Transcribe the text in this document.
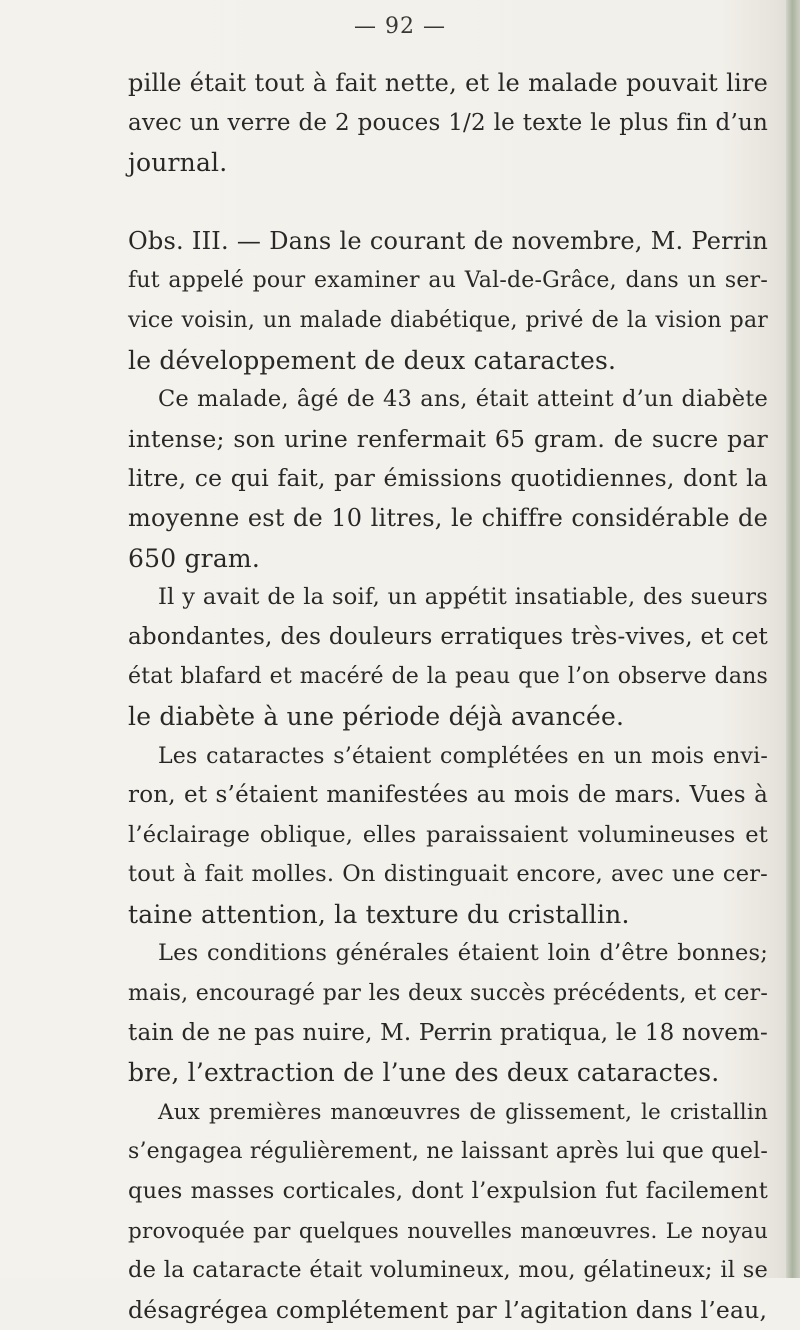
— 92 —
pille était tout à fait nette, et le malade pouvait lire
avec un verre de 2 pouces 1/2 le texte le plus fin d’un
journal.
Obs. III. — Dans le courant de novembre, M. Perrin
fut appelé pour examiner au Val-de-Grâce, dans un ser-
vice voisin, un malade diabétique, privé de la vision par
le développement de deux cataractes.
Ce malade, âgé de 43 ans, était atteint d’un diabète
intense; son urine renfermait 65 gram. de sucre par
litre, ce qui fait, par émissions quotidiennes, dont la
moyenne est de 10 litres, le chiffre considérable de
650 gram.
Il y avait de la soif, un appétit insatiable, des sueurs
abondantes, des douleurs erratiques très-vives, et cet
état blafard et macéré de la peau que l’on observe dans
le diabète à une période déjà avancée.
Les cataractes s’étaient complétées en un mois envi-
ron, et s’étaient manifestées au mois de mars. Vues à
l’éclairage oblique, elles paraissaient volumineuses et
tout à fait molles. On distinguait encore, avec une cer-
taine attention, la texture du cristallin.
Les conditions générales étaient loin d’être bonnes;
mais, encouragé par les deux succès précédents, et cer-
tain de ne pas nuire, M. Perrin pratiqua, le 18 novem-
bre, l’extraction de l’une des deux cataractes.
Aux premières manœuvres de glissement, le cristallin
s’engagea régulièrement, ne laissant après lui que quel-
ques masses corticales, dont l’expulsion fut facilement
provoquée par quelques nouvelles manœuvres. Le noyau
de la cataracte était volumineux, mou, gélatineux; il se
désagrégea complétement par l’agitation dans l’eau,
